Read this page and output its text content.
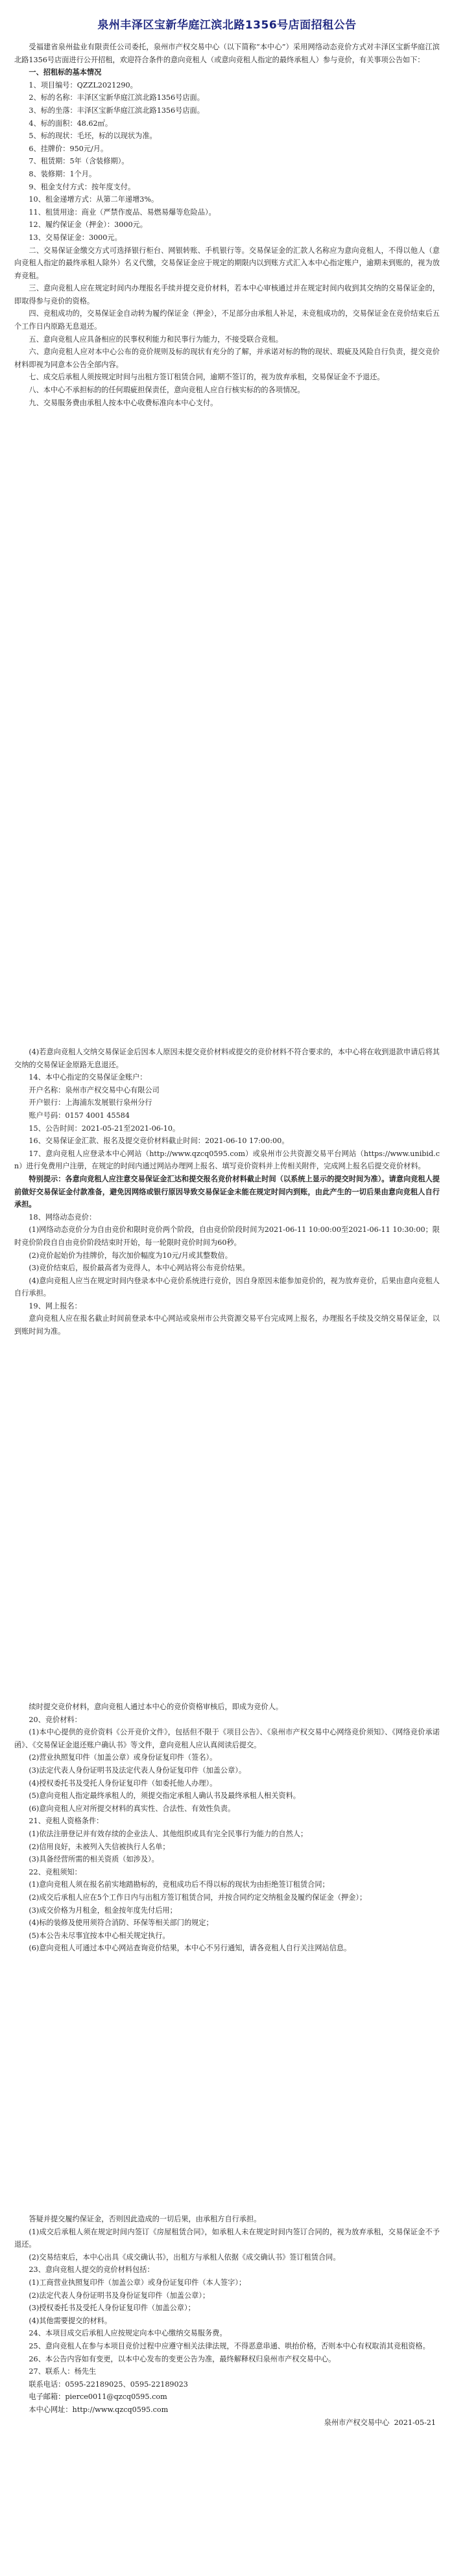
泉州丰泽区宝新华庭江滨北路1356号店面招租公告

受福建省泉州盐业有限责任公司委托，泉州市产权交易中心（以下简称“本中心”）采用网络动态竞价方式对丰泽区宝新华庭江滨北路1356号店面进行公开招租，欢迎符合条件的意向竞租人（或意向竞租人指定的最终承租人）参与竞价，有关事项公告如下：

一、招租标的基本情况

1、项目编号：QZZL2021290。

2、标的名称：丰泽区宝新华庭江滨北路1356号店面。

3、标的坐落：丰泽区宝新华庭江滨北路1356号店面。

4、标的面积：48.62㎡。

5、标的现状：毛坯，标的以现状为准。

6、挂牌价：950元/月。

7、租赁期：5年（含装修期）。

8、装修期：1个月。

9、租金支付方式：按年度支付。

10、租金递增方式：从第二年递增3%。

11、租赁用途：商业（严禁作废品、易燃易爆等危险品）。

12、履约保证金（押金）：3000元。

13、交易保证金：3000元。

二、交易保证金缴交方式可选择银行柜台、网银转账、手机银行等。交易保证金的汇款人名称应为意向竞租人，不得以他人（意向竞租人指定的最终承租人除外）名义代缴，交易保证金应于规定的期限内以到账方式汇入本中心指定账户，逾期未到账的，视为放弃竞租。

三、意向竞租人应在规定时间内办理报名手续并提交竞价材料，若本中心审核通过并在规定时间内收到其交纳的交易保证金的，即取得参与竞价的资格。

四、竞租成功的，交易保证金自动转为履约保证金（押金），不足部分由承租人补足，未竞租成功的，交易保证金在竞价结束后五个工作日内原路无息退还。

五、意向竞租人应具备相应的民事权利能力和民事行为能力，不接受联合竞租。

六、意向竞租人应对本中心公布的竞价规则及标的现状有充分的了解，并承诺对标的物的现状、瑕疵及风险自行负责，提交竞价材料即视为同意本公告全部内容。

七、成交后承租人须按规定时间与出租方签订租赁合同，逾期不签订的，视为放弃承租，交易保证金不予退还。

八、本中心不承担标的的任何瑕疵担保责任，意向竞租人应自行核实标的的各项情况。

九、交易服务费由承租人按本中心收费标准向本中心支付。

(4)若意向竞租人交纳交易保证金后因本人原因未提交竞价材料或提交的竞价材料不符合要求的，本中心将在收到退款申请后将其交纳的交易保证金原路无息退还。

14、本中心指定的交易保证金账户：

开户名称：泉州市产权交易中心有限公司

开户银行：上海浦东发展银行泉州分行

账户号码：0157 4001 45584

15、公告时间：2021-05-21至2021-06-10。

16、交易保证金汇款、报名及提交竞价材料截止时间：2021-06-10 17:00:00。

17、意向竞租人应登录本中心网站（http://www.qzcq0595.com）或泉州市公共资源交易平台网站（https://www.unibid.cn）进行免费用户注册，在规定的时间内通过网站办理网上报名、填写竞价资料并上传相关附件，完成网上报名后提交竞价材料。

特别提示：各意向竞租人应注意交易保证金汇达和提交报名竞价材料截止时间（以系统上显示的提交时间为准）。请意向竞租人提前做好交易保证金付款准备，避免因网络或银行原因导致交易保证金未能在规定时间内到账，由此产生的一切后果由意向竞租人自行承担。

18、网络动态竞价：

(1)网络动态竞价分为自由竞价和限时竞价两个阶段，自由竞价阶段时间为2021-06-11 10:00:00至2021-06-11 10:30:00；限时竞价阶段自自由竞价阶段结束时开始，每一轮限时竞价时间为60秒。

(2)竞价起始价为挂牌价，每次加价幅度为10元/月或其整数倍。

(3)竞价结束后，报价最高者为竞得人，本中心网站将公布竞价结果。

(4)意向竞租人应当在规定时间内登录本中心竞价系统进行竞价，因自身原因未能参加竞价的，视为放弃竞价，后果由意向竞租人自行承担。

19、网上报名：

意向竞租人应在报名截止时间前登录本中心网站或泉州市公共资源交易平台完成网上报名，办理报名手续及交纳交易保证金，以到账时间为准。

续时提交竞价材料，意向竞租人通过本中心的竞价资格审核后，即成为竞价人。

20、竞价材料：

(1)本中心提供的竞价资料《公开竞价文件》，包括但不限于《项目公告》、《泉州市产权交易中心网络竞价须知》、《网络竞价承诺函》、《交易保证金退还账户确认书》等文件，意向竞租人应认真阅读后提交。

(2)营业执照复印件（加盖公章）或身份证复印件（签名）。

(3)法定代表人身份证明书及法定代表人身份证复印件（加盖公章）。

(4)授权委托书及受托人身份证复印件（如委托他人办理）。

(5)意向竞租人指定最终承租人的，须提交指定承租人确认书及最终承租人相关资料。

(6)意向竞租人应对所提交材料的真实性、合法性、有效性负责。

21、竞租人资格条件：

(1)依法注册登记并有效存续的企业法人、其他组织或具有完全民事行为能力的自然人；

(2)信用良好，未被列入失信被执行人名单；

(3)具备经营所需的相关资质（如涉及）。

22、竞租须知：

(1)意向竞租人须在报名前实地踏勘标的，竞租成功后不得以标的现状为由拒绝签订租赁合同；

(2)成交后承租人应在5个工作日内与出租方签订租赁合同，并按合同约定交纳租金及履约保证金（押金）；

(3)成交价格为月租金，租金按年度先付后用；

(4)标的装修及使用须符合消防、环保等相关部门的规定；

(5)本公告未尽事宜按本中心相关规定执行。

(6)意向竞租人可通过本中心网站查询竞价结果，本中心不另行通知，请各竞租人自行关注网站信息。

答疑并提交履约保证金，否则因此造成的一切后果，由承租方自行承担。

(1)成交后承租人须在规定时间内签订《房屋租赁合同》，如承租人未在规定时间内签订合同的，视为放弃承租，交易保证金不予退还。

(2)交易结束后，本中心出具《成交确认书》，出租方与承租人依据《成交确认书》签订租赁合同。

23、意向竞租人提交的竞价材料包括：

(1)工商营业执照复印件（加盖公章）或身份证复印件（本人签字）；

(2)法定代表人身份证明书及身份证复印件（加盖公章）；

(3)授权委托书及受托人身份证复印件（加盖公章）；

(4)其他需要提交的材料。

24、本项目成交后承租人应按规定向本中心缴纳交易服务费。

25、意向竞租人在参与本项目竞价过程中应遵守相关法律法规，不得恶意串通、哄抬价格，否则本中心有权取消其竞租资格。

26、本公告内容如有变更，以本中心发布的变更公告为准，最终解释权归泉州市产权交易中心。

27、联系人：杨先生

联系电话：0595-22189025、0595-22189023

电子邮箱：pierce0011@qzcq0595.com

本中心网址：http://www.qzcq0595.com

泉州市产权交易中心 2021-05-21
